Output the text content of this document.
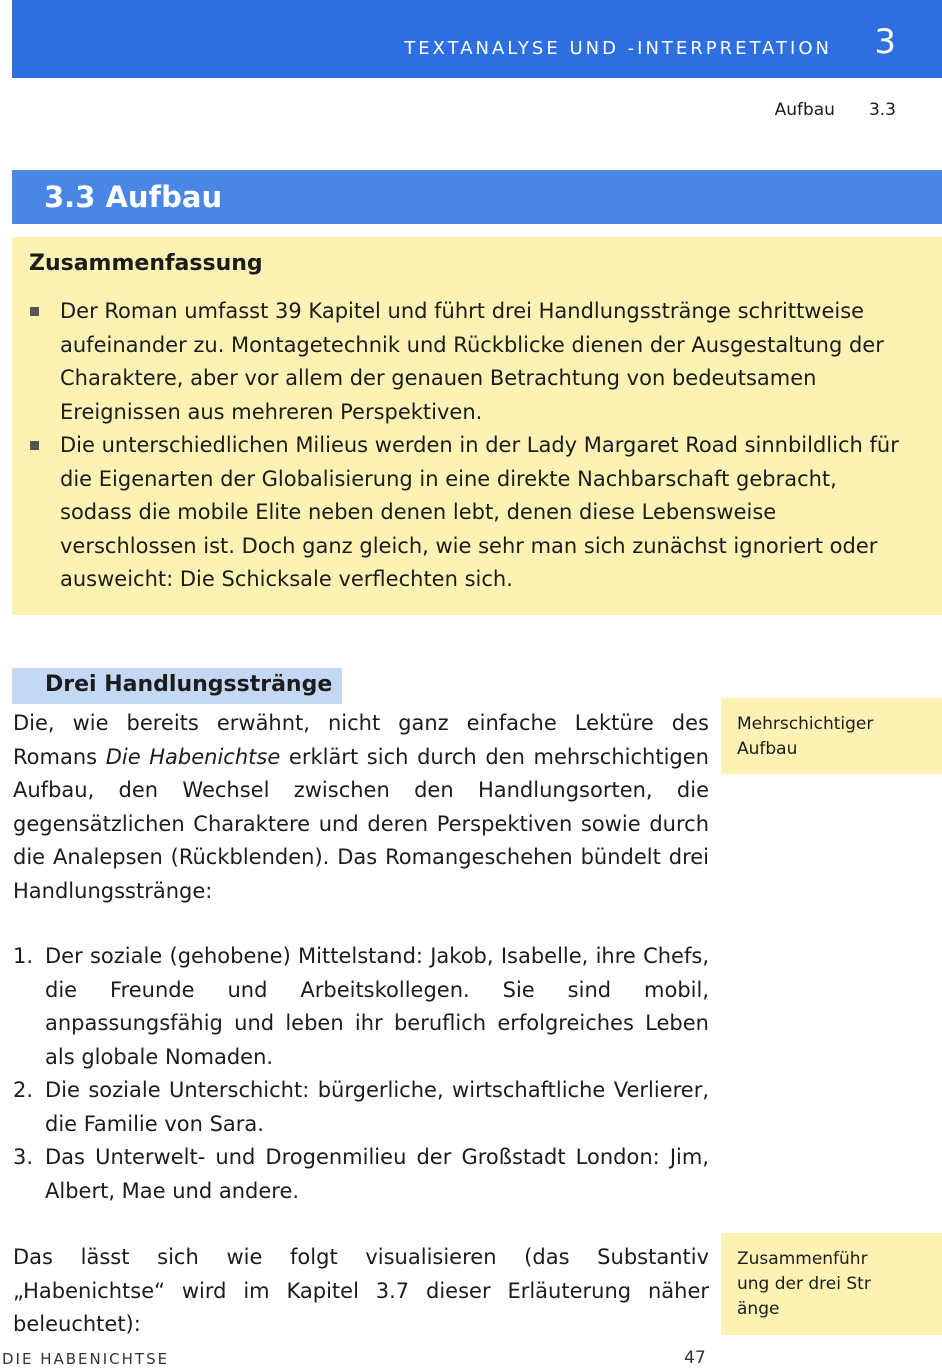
TEXTANALYSE UND -INTERPRETATION 3
Aufbau 3.3
3.3 Aufbau
Zusammenfassung
Der Roman umfasst 39 Kapitel und führt drei Handlungsstränge schrittweise aufeinander zu. Montagetechnik und Rückblicke dienen der Ausgestaltung der Charaktere, aber vor allem der genauen Betrachtung von bedeutsamen Ereignissen aus mehreren Perspektiven.
Die unterschiedlichen Milieus werden in der Lady Margaret Road sinnbildlich für die Eigenarten der Globalisierung in eine direkte Nachbarschaft gebracht, sodass die mobile Elite neben denen lebt, denen diese Lebensweise verschlossen ist. Doch ganz gleich, wie sehr man sich zunächst ignoriert oder ausweicht: Die Schicksale verflechten sich.
Drei Handlungsstränge

Die, wie bereits erwähnt, nicht ganz einfache Lektüre des Romans Die Habenichtse erklärt sich durch den mehrschichtigen Aufbau, den Wechsel zwischen den Handlungsorten, die gegensätzlichen Charaktere und deren Perspektiven sowie durch die Analepsen (Rückblenden). Das Romangeschehen bündelt drei Handlungsstränge:

1. Der soziale (gehobene) Mittelstand: Jakob, Isabelle, ihre Chefs, die Freunde und Arbeitskollegen. Sie sind mobil, anpassungsfähig und leben ihr beruflich erfolgreiches Leben als globale Nomaden.
2. Die soziale Unterschicht: bürgerliche, wirtschaftliche Verlierer, die Familie von Sara.
3. Das Unterwelt- und Drogenmilieu der Großstadt London: Jim, Albert, Mae und andere.

Das lässt sich wie folgt visualisieren (das Substantiv „Habenichtse“ wird im Kapitel 3.7 dieser Erläuterung näher beleuchtet):

Mehrschichtiger Aufbau
Zusammenführung der drei Stränge
DIE HABENICHTSE	47
